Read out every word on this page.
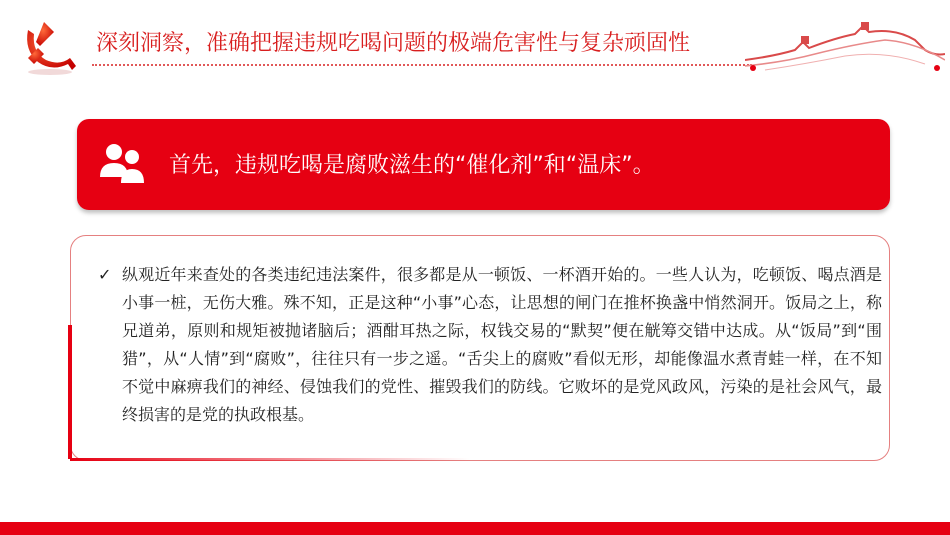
深刻洞察，准确把握违规吃喝问题的极端危害性与复杂顽固性
首先，违规吃喝是腐败滋生的“催化剂”和“温床”。
✓ 纵观近年来查处的各类违纪违法案件，很多都是从一顿饭、一杯酒开始的。一些人认为，吃顿饭、喝点酒是小事一桩，无伤大雅。殊不知，正是这种“小事”心态，让思想的闸门在推杯换盏中悄然洞开。饭局之上，称兄道弟，原则和规矩被抛诸脑后；酒酣耳热之际，权钱交易的“默契”便在觥筹交错中达成。从“饭局”到“围猎”，从“人情”到“腐败”，往往只有一步之遥。“舌尖上的腐败”看似无形，却能像温水煮青蛙一样，在不知不觉中麻痹我们的神经、侵蚀我们的党性、摧毁我们的防线。它败坏的是党风政风，污染的是社会风气，最终损害的是党的执政根基。
